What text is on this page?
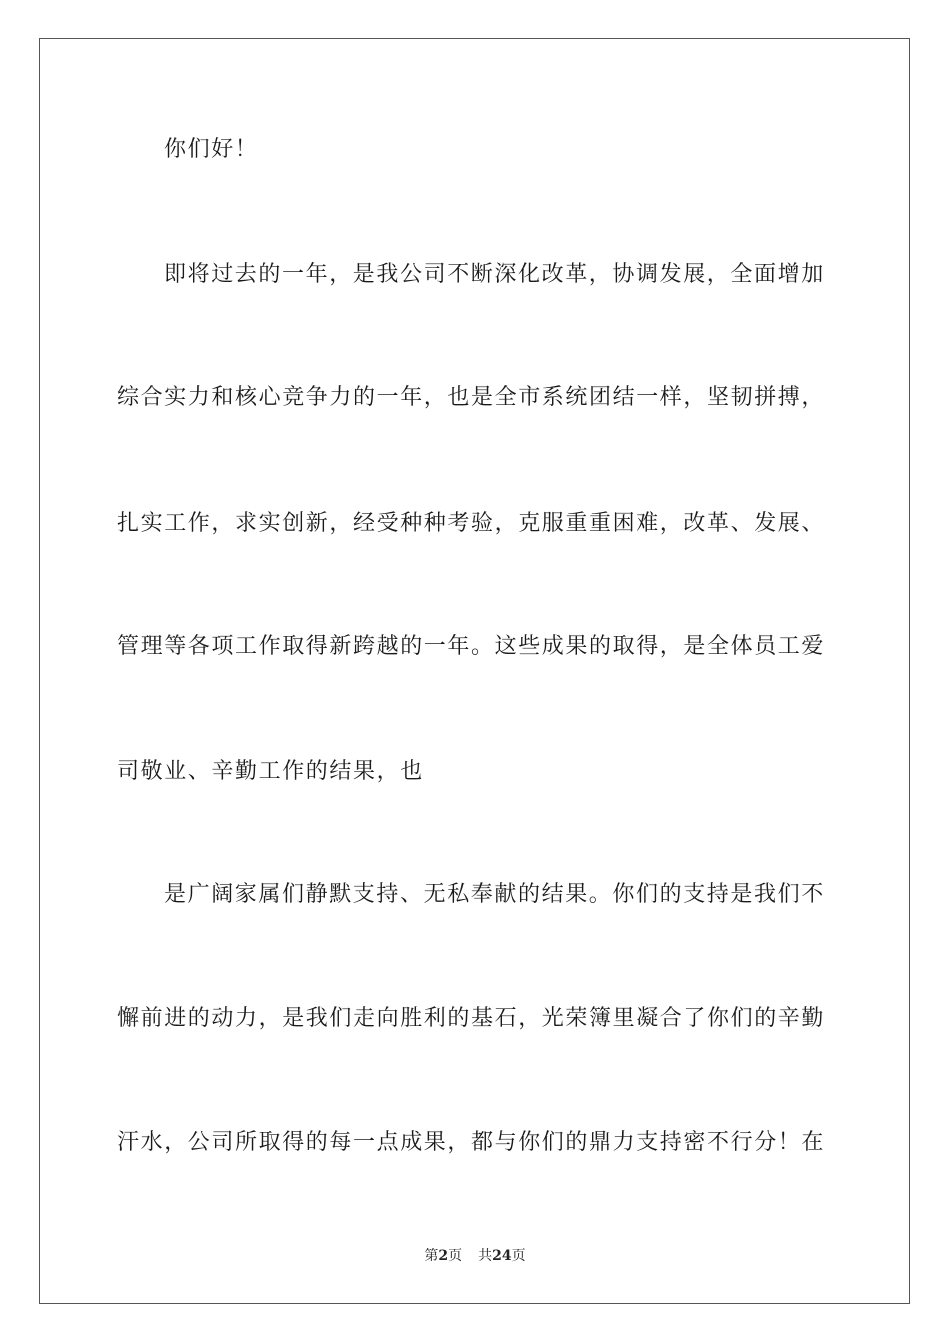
你们好！
即将过去的一年，是我公司不断深化改革，协调发展，全面增加
综合实力和核心竞争力的一年，也是全市系统团结一样，坚韧拼搏，
扎实工作，求实创新，经受种种考验，克服重重困难，改革、发展、
管理等各项工作取得新跨越的一年。这些成果的取得，是全体员工爱
司敬业、辛勤工作的结果，也
是广阔家属们静默支持、无私奉献的结果。你们的支持是我们不
懈前进的动力，是我们走向胜利的基石，光荣簿里凝合了你们的辛勤
汗水，公司所取得的每一点成果，都与你们的鼎力支持密不行分！在
第2页 共24页
